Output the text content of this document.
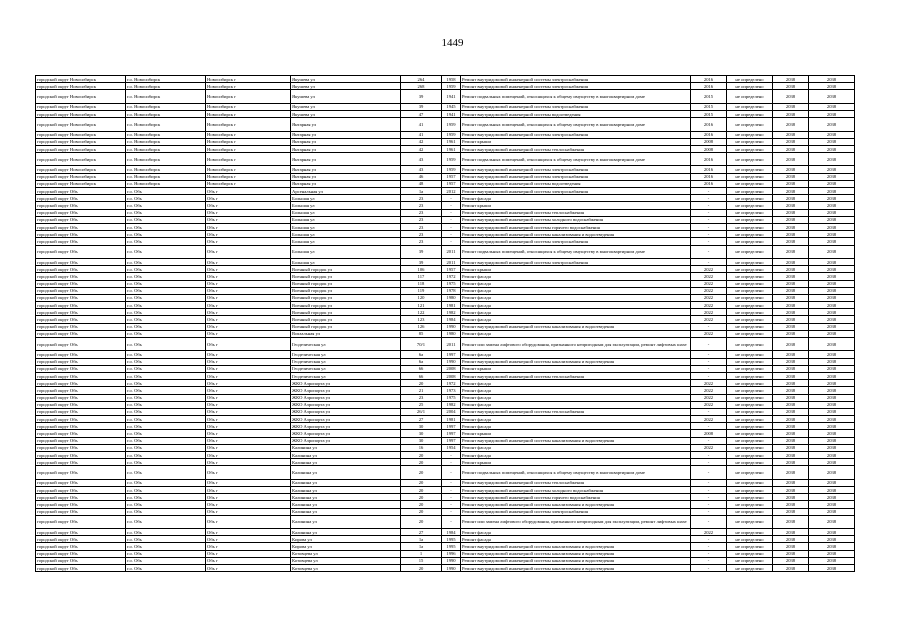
1449
городской округ Новосибирск	г.о. Новосибирск	Новосибирск г	Якушева ул	264	1958	Ремонт внутридомовой инженерной системы электроснабжения	2016	не определено	2038	2038
городской округ Новосибирск	г.о. Новосибирск	Новосибирск г	Якушева ул	268	1959	Ремонт внутридомовой инженерной системы электроснабжения	2016	не определено	2038	2038
городской округ Новосибирск	г.о. Новосибирск	Новосибирск г	Якушева ул	39	1941	Ремонт подвальных помещений, относящихся к общему имуществу в многоквартирном доме	2015	не определено	2038	2038
городской округ Новосибирск	г.о. Новосибирск	Новосибирск г	Якушева ул	39	1945	Ремонт внутридомовой инженерной системы электроснабжения	2015	не определено	2038	2038
городской округ Новосибирск	г.о. Новосибирск	Новосибирск г	Якушева ул	47	1941	Ремонт внутридомовой инженерной системы водоотведения	2015	не определено	2038	2038
городской округ Новосибирск	г.о. Новосибирск	Новосибирск г	Янтарная ул	41	1959	Ремонт подвальных помещений, относящихся к общему имуществу в многоквартирном доме	2016	не определено	2038	2038
городской округ Новосибирск	г.о. Новосибирск	Новосибирск г	Янтарная ул	41	1959	Ремонт внутридомовой инженерной системы электроснабжения	2016	не определено	2038	2038
городской округ Новосибирск	г.о. Новосибирск	Новосибирск г	Янтарная ул	42	1961	Ремонт крыши	2008	не определено	2038	2038
городской округ Новосибирск	г.о. Новосибирск	Новосибирск г	Янтарная ул	42	1961	Ремонт внутридомовой инженерной системы теплоснабжения	2008	не определено	2038	2038
городской округ Новосибирск	г.о. Новосибирск	Новосибирск г	Янтарная ул	43	1959	Ремонт подвальных помещений, относящихся к общему имуществу в многоквартирном доме	2016	не определено	2038	2038
городской округ Новосибирск	г.о. Новосибирск	Новосибирск г	Янтарная ул	43	1959	Ремонт внутридомовой инженерной системы электроснабжения	2016	не определено	2038	2038
городской округ Новосибирск	г.о. Новосибирск	Новосибирск г	Янтарная ул	46	1957	Ремонт внутридомовой инженерной системы электроснабжения	2016	не определено	2038	2038
городской округ Новосибирск	г.о. Новосибирск	Новосибирск г	Янтарная ул	48	1957	Ремонт внутридомовой инженерной системы водоотведения	2016	не определено	2038	2038
городской округ Обь	г.о. Обь	Обь г	Арсенальная ул	1а	2012	Ремонт внутридомовой инженерной системы электроснабжения	-	не определено	2038	2038
городской округ Обь	г.о. Обь	Обь г	Большая ул	23	-	Ремонт фасада	-	не определено	2038	2038
городской округ Обь	г.о. Обь	Обь г	Большая ул	23	-	Ремонт крыши	-	не определено	2038	2038
городской округ Обь	г.о. Обь	Обь г	Большая ул	23	-	Ремонт внутридомовой инженерной системы теплоснабжения	-	не определено	2038	2038
городской округ Обь	г.о. Обь	Обь г	Большая ул	23	-	Ремонт внутридомовой инженерной системы холодного водоснабжения	-	не определено	2038	2038
городской округ Обь	г.о. Обь	Обь г	Большая ул	23	-	Ремонт внутридомовой инженерной системы горячего водоснабжения	-	не определено	2038	2038
городской округ Обь	г.о. Обь	Обь г	Большая ул	23	-	Ремонт внутридомовой инженерной системы канализования и водоотведения	-	не определено	2038	2038
городской округ Обь	г.о. Обь	Обь г	Большая ул	23	-	Ремонт внутридомовой инженерной системы электроснабжения	-	не определено	2038	2038
городской округ Обь	г.о. Обь	Обь г	Большая ул	39	2011	Ремонт подвальных помещений, относящихся к общему имуществу в многоквартирном доме	-	не определено	2038	2038
городской округ Обь	г.о. Обь	Обь г	Большая ул	39	2011	Ремонт внутридомовой инженерной системы электроснабжения	-	не определено	2038	2038
городской округ Обь	г.о. Обь	Обь г	Военный городок ул	106	1957	Ремонт крыши	2022	не определено	2038	2038
городской округ Обь	г.о. Обь	Обь г	Военный городок ул	117	1972	Ремонт фасада	2022	не определено	2038	2038
городской округ Обь	г.о. Обь	Обь г	Военный городок ул	118	1975	Ремонт фасада	2022	не определено	2038	2038
городской округ Обь	г.о. Обь	Обь г	Военный городок ул	119	1978	Ремонт фасада	2022	не определено	2038	2038
городской округ Обь	г.о. Обь	Обь г	Военный городок ул	120	1980	Ремонт фасада	2022	не определено	2038	2038
городской округ Обь	г.о. Обь	Обь г	Военный городок ул	121	1981	Ремонт фасада	2022	не определено	2038	2038
городской округ Обь	г.о. Обь	Обь г	Военный городок ул	122	1982	Ремонт фасада	2022	не определено	2038	2038
городской округ Обь	г.о. Обь	Обь г	Военный городок ул	123	1984	Ремонт фасада	2022	не определено	2038	2038
городской округ Обь	г.о. Обь	Обь г	Военный городок ул	126	1990	Ремонт внутридомовой инженерной системы канализования и водоотведения	-	не определено	2038	2038
городской округ Обь	г.о. Обь	Обь г	Вокзальная ул	85	1980	Ремонт фасада	2022	не определено	2038	2038
городской округ Обь	г.о. Обь	Обь г	Геодезическая ул	70/1	2011	Ремонт или замена лифтового оборудования, признанного непригодным для эксплуатации, ремонт лифтовых шахт	-	не определено	2038	2038
городской округ Обь	г.о. Обь	Обь г	Геодезическая ул	6а	1997	Ремонт фасада	-	не определено	2038	2038
городской округ Обь	г.о. Обь	Обь г	Геодезическая ул	6а	1990	Ремонт внутридомовой инженерной системы канализования и водоотведения	-	не определено	2038	2038
городской округ Обь	г.о. Обь	Обь г	Геодезическая ул	66	2008	Ремонт крыши	-	не определено	2038	2038
городской округ Обь	г.о. Обь	Обь г	Геодезическая ул	66	2008	Ремонт внутридомовой инженерной системы теплоснабжения	-	не определено	2038	2038
городской округ Обь	г.о. Обь	Обь г	ЖКО Аэропорта ул	20	1972	Ремонт фасада	2022	не определено	2038	2038
городской округ Обь	г.о. Обь	Обь г	ЖКО Аэропорта ул	21	1973	Ремонт фасада	2022	не определено	2038	2038
городской округ Обь	г.о. Обь	Обь г	ЖКО Аэропорта ул	23	1975	Ремонт фасада	2022	не определено	2038	2038
городской округ Обь	г.о. Обь	Обь г	ЖКО Аэропорта ул	25	1982	Ремонт фасада	2022	не определено	2038	2038
городской округ Обь	г.о. Обь	Обь г	ЖКО Аэропорта ул	26/1	2004	Ремонт внутридомовой инженерной системы теплоснабжения	-	не определено	2038	2038
городской округ Обь	г.о. Обь	Обь г	ЖКО Аэропорта ул	27	1981	Ремонт фасада	2022	не определено	2038	2038
городской округ Обь	г.о. Обь	Обь г	ЖКО Аэропорта ул	30	1997	Ремонт фасада	-	не определено	2038	2038
городской округ Обь	г.о. Обь	Обь г	ЖКО Аэропорта ул	30	1997	Ремонт крыши	2008	не определено	2038	2038
городской округ Обь	г.о. Обь	Обь г	ЖКО Аэропорта ул	30	1997	Ремонт внутридомовой инженерной системы канализования и водоотведения	-	не определено	2038	2038
городской округ Обь	г.о. Обь	Обь г	Калинина ул	16	1954	Ремонт фасада	2022	не определено	2038	2038
городской округ Обь	г.о. Обь	Обь г	Калинина ул	20	-	Ремонт фасада	-	не определено	2038	2038
городской округ Обь	г.о. Обь	Обь г	Калинина ул	20	-	Ремонт крыши	-	не определено	2038	2038
городской округ Обь	г.о. Обь	Обь г	Калинина ул	20	-	Ремонт подвальных помещений, относящихся к общему имуществу в многоквартирном доме	-	не определено	2038	2038
городской округ Обь	г.о. Обь	Обь г	Калинина ул	20	-	Ремонт внутридомовой инженерной системы теплоснабжения	-	не определено	2038	2038
городской округ Обь	г.о. Обь	Обь г	Калинина ул	20	-	Ремонт внутридомовой инженерной системы холодного водоснабжения	-	не определено	2038	2038
городской округ Обь	г.о. Обь	Обь г	Калинина ул	20	-	Ремонт внутридомовой инженерной системы горячего водоснабжения	-	не определено	2038	2038
городской округ Обь	г.о. Обь	Обь г	Калинина ул	20	-	Ремонт внутридомовой инженерной системы канализования и водоотведения	-	не определено	2038	2038
городской округ Обь	г.о. Обь	Обь г	Калинина ул	20	-	Ремонт внутридомовой инженерной системы электроснабжения	-	не определено	2038	2038
городской округ Обь	г.о. Обь	Обь г	Калинина ул	20	-	Ремонт или замена лифтового оборудования, признанного непригодным для эксплуатации, ремонт лифтовых шахт	-	не определено	2038	2038
городской округ Обь	г.о. Обь	Обь г	Калинина ул	27	1984	Ремонт фасада	2022	не определено	2038	2038
городской округ Обь	г.о. Обь	Обь г	Кирова ул	1а	1995	Ремонт фасада	-	не определено	2038	2038
городской округ Обь	г.о. Обь	Обь г	Кирова ул	1а	1995	Ремонт внутридомовой инженерной системы канализования и водоотведения	-	не определено	2038	2038
городской округ Обь	г.о. Обь	Обь г	Котовцева ул	1	1996	Ремонт внутридомовой инженерной системы канализования и водоотведения	-	не определено	2038	2038
городской округ Обь	г.о. Обь	Обь г	Котовцева ул	15	1990	Ремонт внутридомовой инженерной системы канализования и водоотведения	-	не определено	2038	2038
городской округ Обь	г.о. Обь	Обь г	Котовцева ул	20	1990	Ремонт внутридомовой инженерной системы канализования и водоотведения	-	не определено	2038	2038
